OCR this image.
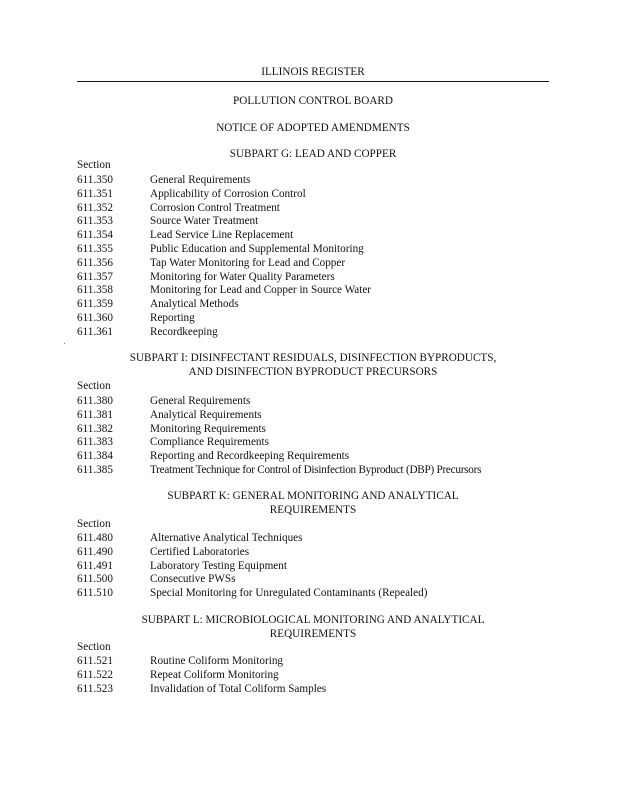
ILLINOIS REGISTER
POLLUTION CONTROL BOARD
NOTICE OF ADOPTED AMENDMENTS
SUBPART G: LEAD AND COPPER
Section
611.350	General Requirements
611.351	Applicability of Corrosion Control
611.352	Corrosion Control Treatment
611.353	Source Water Treatment
611.354	Lead Service Line Replacement
611.355	Public Education and Supplemental Monitoring
611.356	Tap Water Monitoring for Lead and Copper
611.357	Monitoring for Water Quality Parameters
611.358	Monitoring for Lead and Copper in Source Water
611.359	Analytical Methods
611.360	Reporting
611.361	Recordkeeping
SUBPART I: DISINFECTANT RESIDUALS, DISINFECTION BYPRODUCTS,
AND DISINFECTION BYPRODUCT PRECURSORS
Section
611.380	General Requirements
611.381	Analytical Requirements
611.382	Monitoring Requirements
611.383	Compliance Requirements
611.384	Reporting and Recordkeeping Requirements
611.385	Treatment Technique for Control of Disinfection Byproduct (DBP) Precursors
SUBPART K: GENERAL MONITORING AND ANALYTICAL
REQUIREMENTS
Section
611.480	Alternative Analytical Techniques
611.490	Certified Laboratories
611.491	Laboratory Testing Equipment
611.500	Consecutive PWSs
611.510	Special Monitoring for Unregulated Contaminants (Repealed)
SUBPART L: MICROBIOLOGICAL MONITORING AND ANALYTICAL
REQUIREMENTS
Section
611.521	Routine Coliform Monitoring
611.522	Repeat Coliform Monitoring
611.523	Invalidation of Total Coliform Samples
